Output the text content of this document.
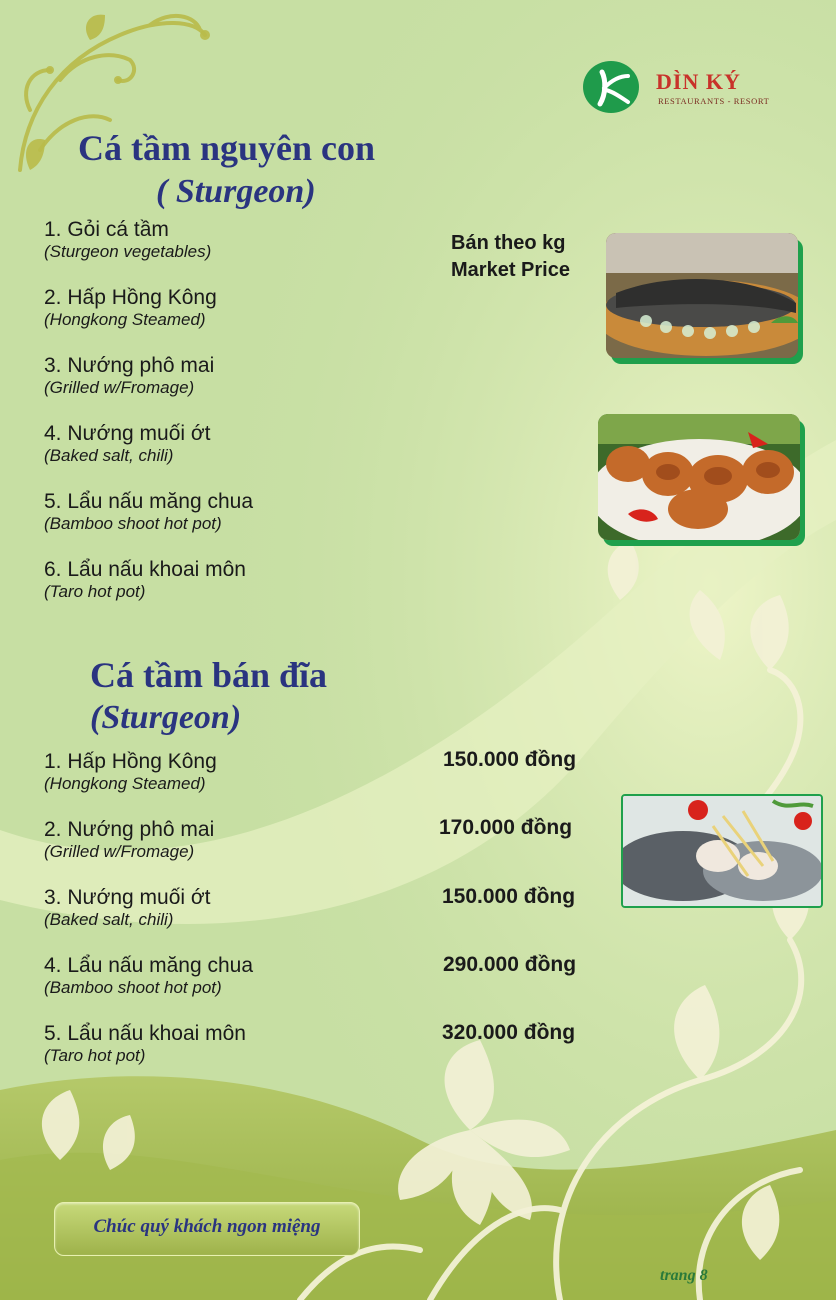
DÌN KÝ
RESTAURANTS - RESORT
Cá tầm nguyên con
( Sturgeon)
1. Gỏi cá tầm
(Sturgeon vegetables)
2. Hấp Hồng Kông
(Hongkong Steamed)
3. Nướng phô mai
(Grilled w/Fromage)
4. Nướng muối ớt
(Baked salt, chili)
5. Lẩu nấu măng chua
(Bamboo shoot hot pot)
6. Lẩu nấu khoai môn
(Taro hot pot)
Bán theo kg
Market Price
Cá tầm bán đĩa
(Sturgeon)
1. Hấp Hồng Kông
(Hongkong Steamed)
2. Nướng phô mai
(Grilled w/Fromage)
3. Nướng muối ớt
(Baked salt, chili)
4. Lẩu nấu măng chua
(Bamboo shoot hot pot)
5. Lẩu nấu khoai môn
(Taro hot pot)
150.000 đồng
170.000 đồng
150.000 đồng
290.000 đồng
320.000 đồng
Chúc quý khách ngon miệng
trang 8
